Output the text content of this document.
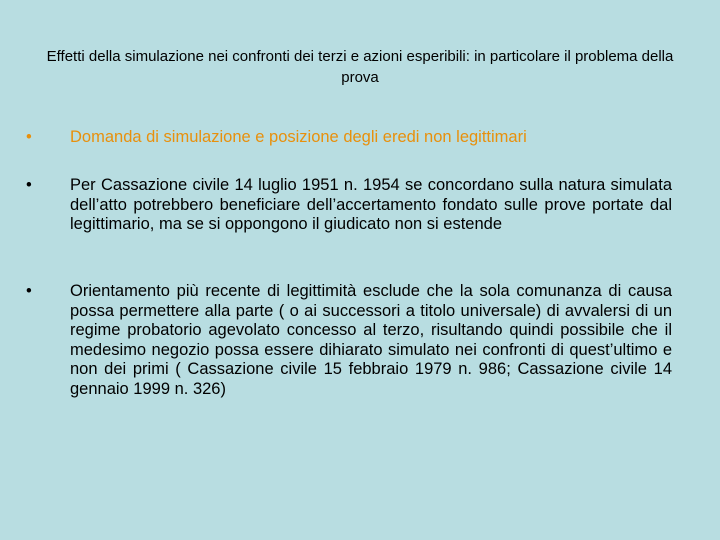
Effetti della simulazione nei confronti dei terzi e azioni esperibili: in particolare il problema della prova
•	Domanda di simulazione e posizione degli eredi non legittimari
•	Per Cassazione civile 14 luglio 1951 n. 1954 se concordano sulla natura simulata dell’atto potrebbero beneficiare dell’accertamento fondato sulle prove portate dal legittimario, ma se si oppongono il giudicato non si estende
•	Orientamento più recente di legittimità esclude che la sola comunanza di causa possa permettere alla parte ( o ai successori a titolo universale) di avvalersi di un regime probatorio agevolato concesso al terzo, risultando quindi possibile che il medesimo negozio possa essere dihiarato simulato nei confronti di quest’ultimo e non dei primi ( Cassazione civile 15 febbraio 1979 n. 986; Cassazione civile 14 gennaio 1999 n. 326)
